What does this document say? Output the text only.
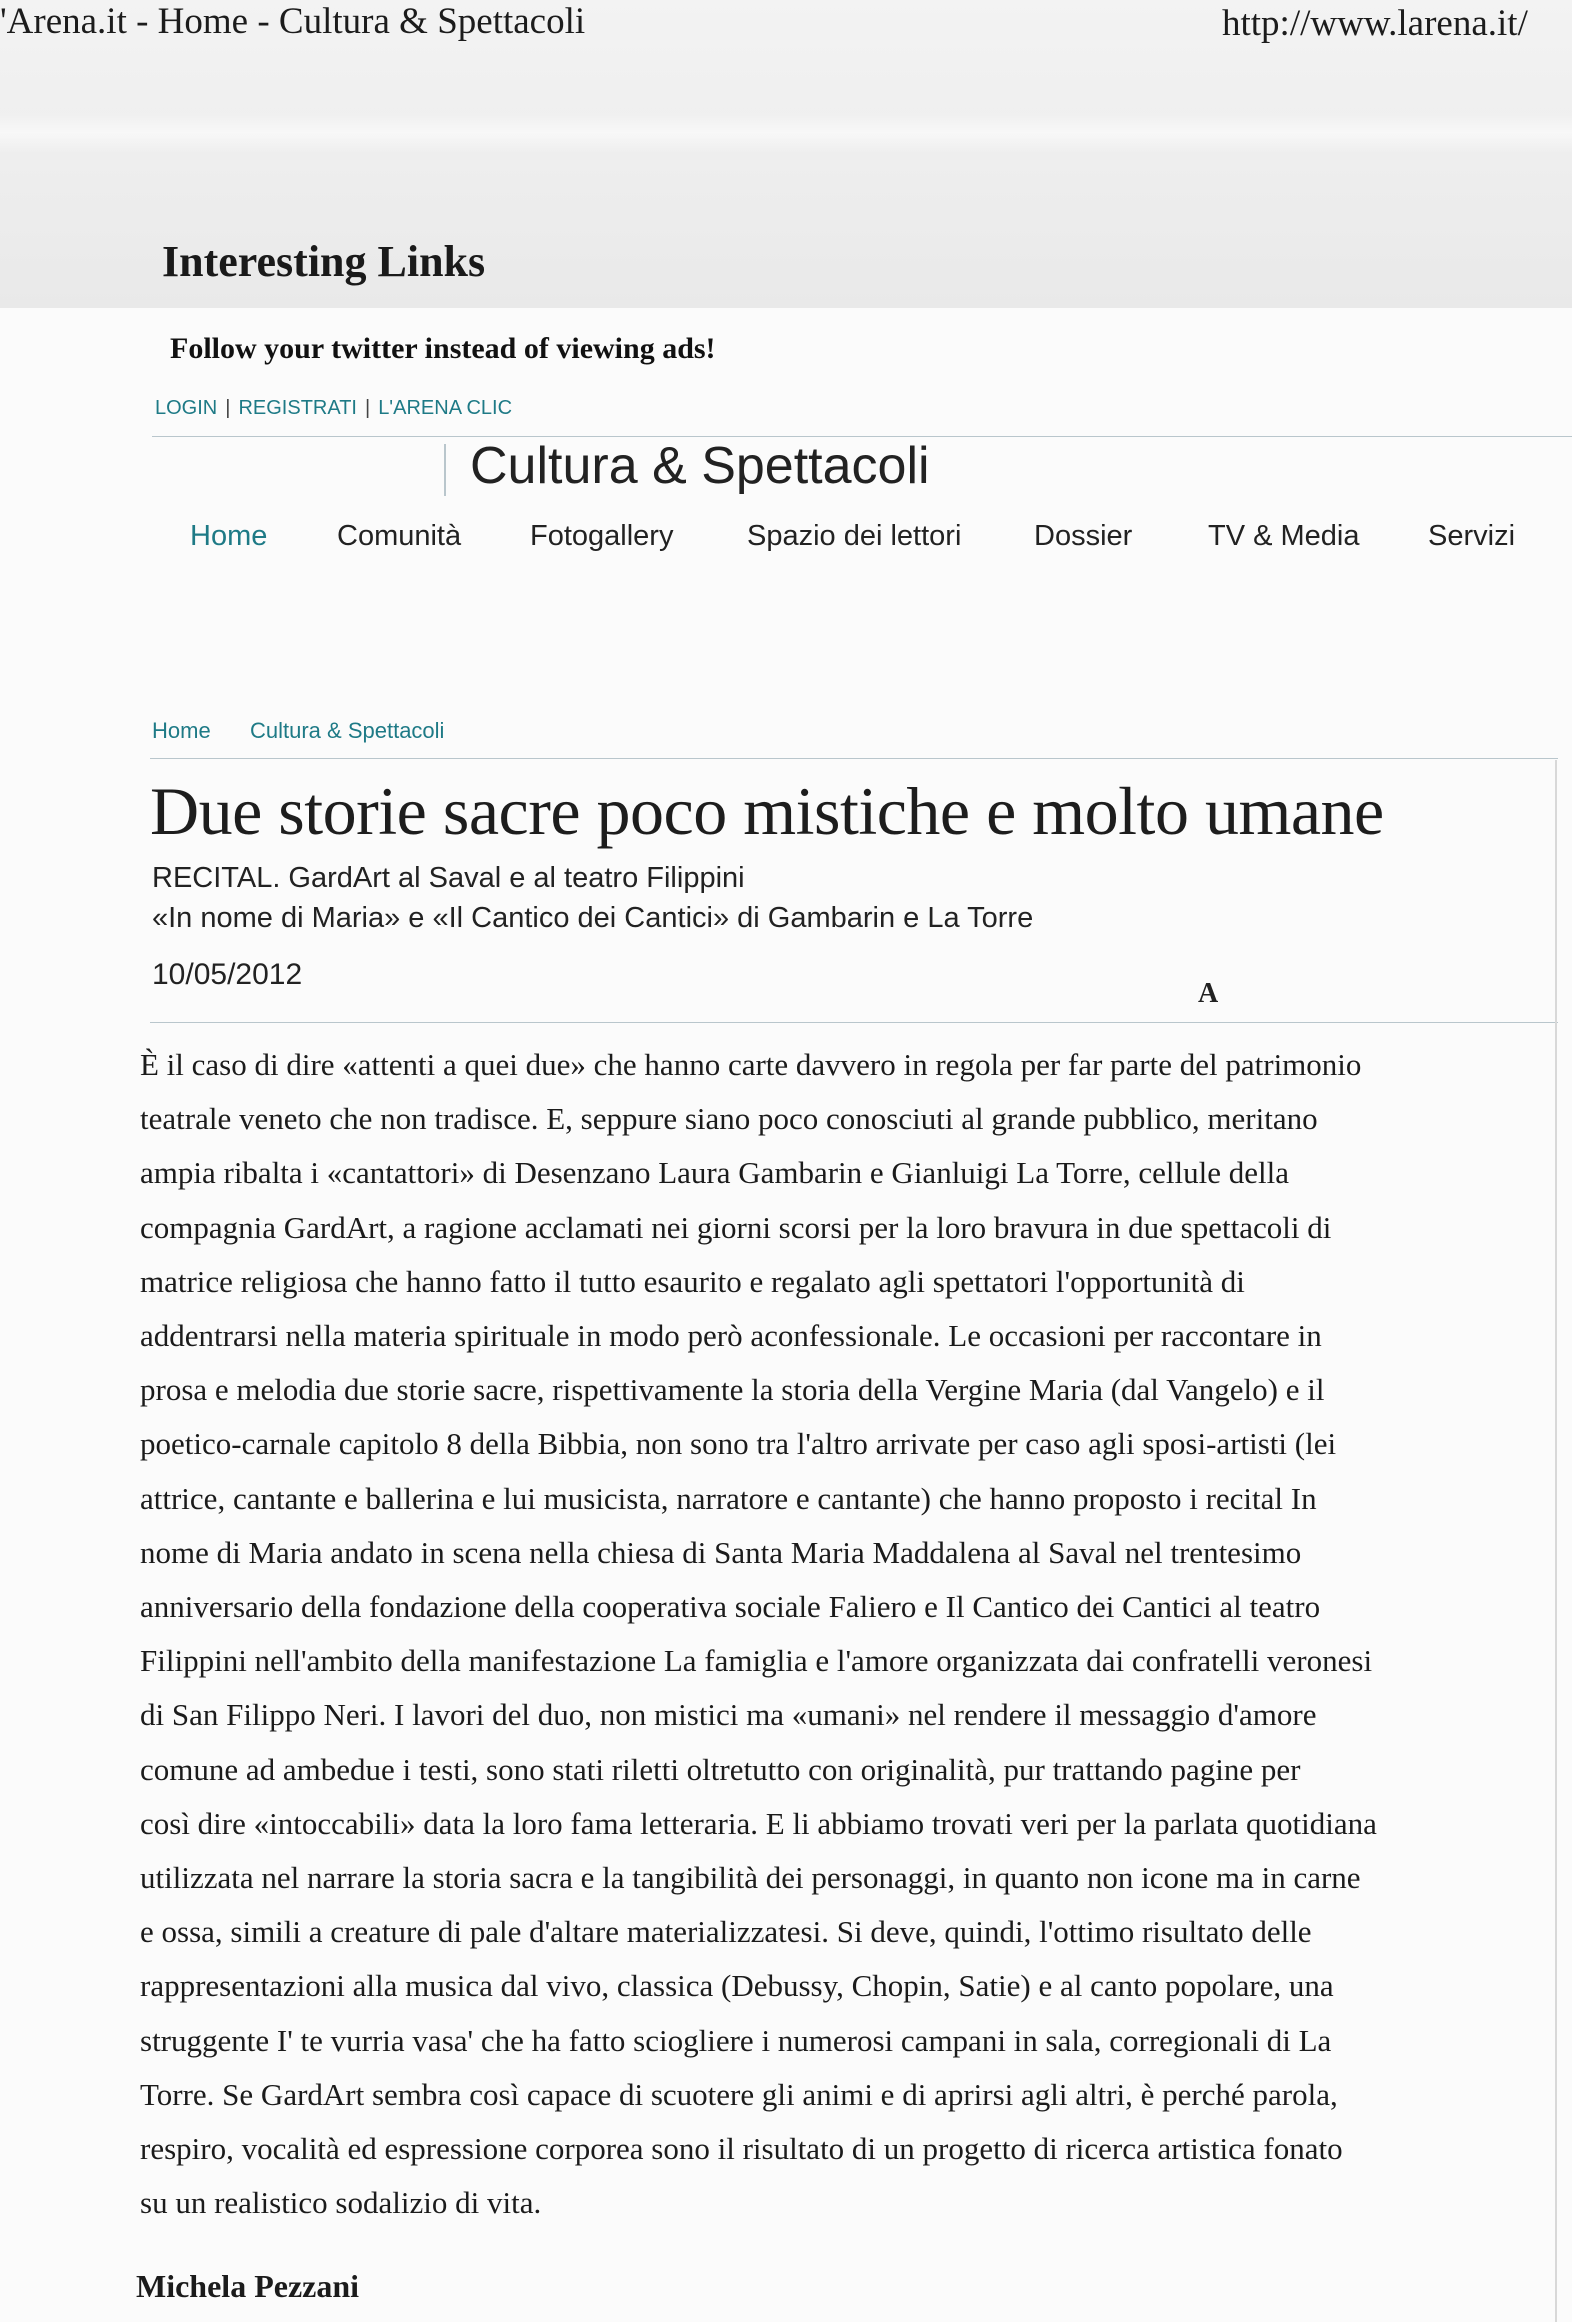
'Arena.it - Home - Cultura & Spettacoli	http://www.larena.it/
Interesting Links
Follow your twitter instead of viewing ads!
LOGIN | REGISTRATI | L'ARENA CLIC
Cultura & Spettacoli
Home Comunità Fotogallery	Spazio dei lettori	Dossier	TV & Media Servizi
Home Cultura & Spettacoli
Due storie sacre poco mistiche e molto umane
RECITAL. GardArt al Saval e al teatro Filippini
«In nome di Maria» e «Il Cantico dei Cantici» di Gambarin e La Torre
10/05/2012
A

È il caso di dire «attenti a quei due» che hanno carte davvero in regola per far parte del patrimonio

teatrale veneto che non tradisce. E, seppure siano poco conosciuti al grande pubblico, meritano

ampia ribalta i «cantattori» di Desenzano Laura Gambarin e Gianluigi La Torre, cellule della

compagnia GardArt, a ragione acclamati nei giorni scorsi per la loro bravura in due spettacoli di

matrice religiosa che hanno fatto il tutto esaurito e regalato agli spettatori l'opportunità di

addentrarsi nella materia spirituale in modo però aconfessionale. Le occasioni per raccontare in

prosa e melodia due storie sacre, rispettivamente la storia della Vergine Maria (dal Vangelo) e il

poetico-carnale capitolo 8 della Bibbia, non sono tra l'altro arrivate per caso agli sposi-artisti (lei

attrice, cantante e ballerina e lui musicista, narratore e cantante) che hanno proposto i recital In

nome di Maria andato in scena nella chiesa di Santa Maria Maddalena al Saval nel trentesimo

anniversario della fondazione della cooperativa sociale Faliero e Il Cantico dei Cantici al teatro

Filippini nell'ambito della manifestazione La famiglia e l'amore organizzata dai confratelli veronesi

di San Filippo Neri. I lavori del duo, non mistici ma «umani» nel rendere il messaggio d'amore

comune ad ambedue i testi, sono stati riletti oltretutto con originalità, pur trattando pagine per

così dire «intoccabili» data la loro fama letteraria. E li abbiamo trovati veri per la parlata quotidiana

utilizzata nel narrare la storia sacra e la tangibilità dei personaggi, in quanto non icone ma in carne

e ossa, simili a creature di pale d'altare materializzatesi. Si deve, quindi, l'ottimo risultato delle

rappresentazioni alla musica dal vivo, classica (Debussy, Chopin, Satie) e al canto popolare, una

struggente I' te vurria vasa' che ha fatto sciogliere i numerosi campani in sala, corregionali di La

Torre. Se GardArt sembra così capace di scuotere gli animi e di aprirsi agli altri, è perché parola,

respiro, vocalità ed espressione corporea sono il risultato di un progetto di ricerca artistica fonato

su un realistico sodalizio di vita.

Michela Pezzani
